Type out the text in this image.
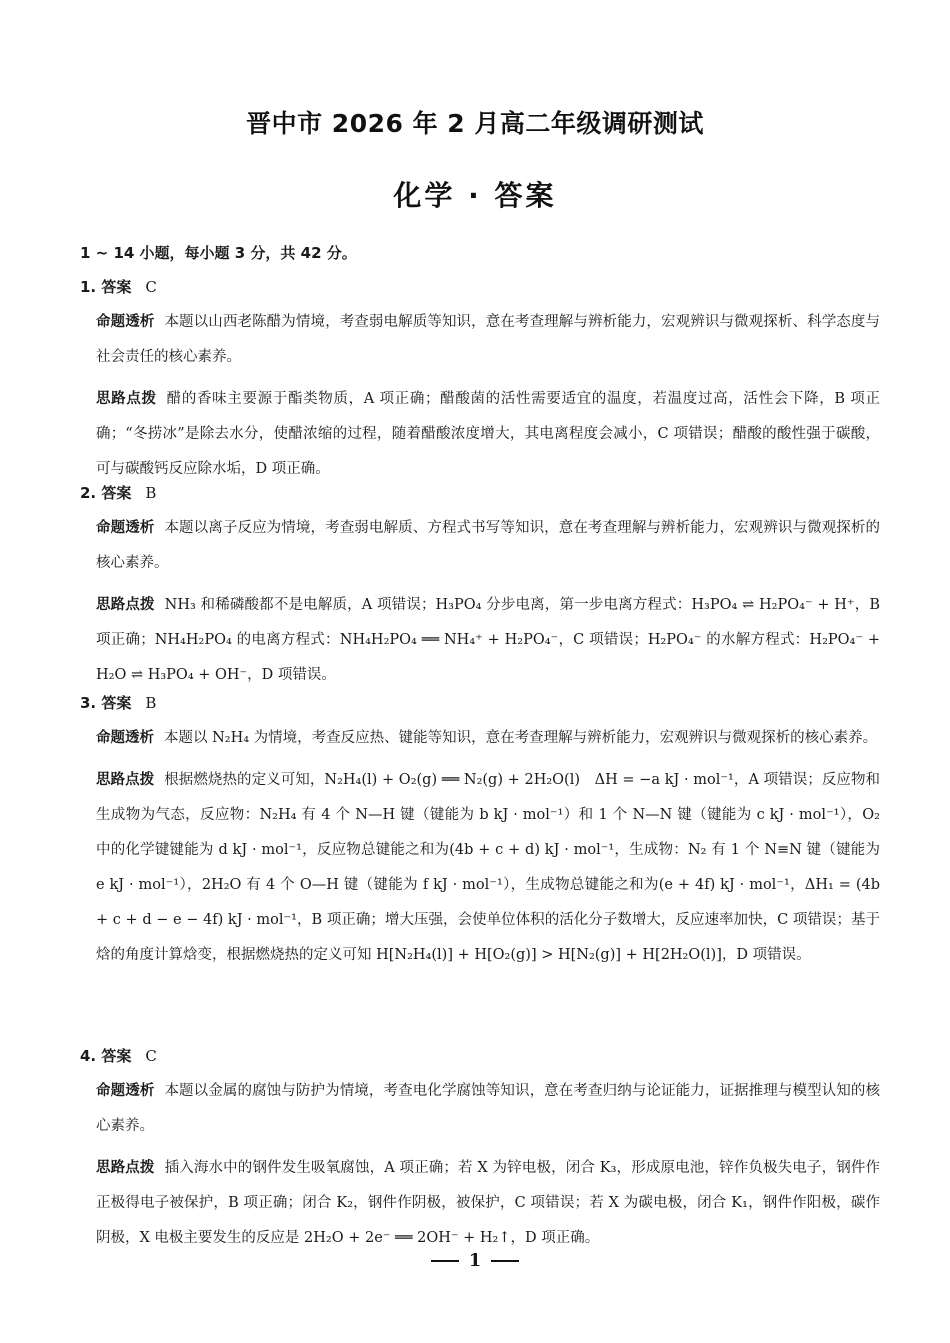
晋中市 2026 年 2 月高二年级调研测试
化学 · 答案
1 ~ 14 小题，每小题 3 分，共 42 分。
1. 答案 C
命题透析 本题以山西老陈醋为情境，考查弱电解质等知识，意在考查理解与辨析能力，宏观辨识与微观探析、科学态度与社会责任的核心素养。
思路点拨 醋的香味主要源于酯类物质，A 项正确；醋酸菌的活性需要适宜的温度，若温度过高，活性会下降，B 项正确；“冬捞冰”是除去水分，使醋浓缩的过程，随着醋酸浓度增大，其电离程度会减小，C 项错误；醋酸的酸性强于碳酸，可与碳酸钙反应除水垢，D 项正确。
2. 答案 B
命题透析 本题以离子反应为情境，考查弱电解质、方程式书写等知识，意在考查理解与辨析能力，宏观辨识与微观探析的核心素养。
思路点拨 NH₃ 和稀磷酸都不是电解质，A 项错误；H₃PO₄ 分步电离，第一步电离方程式：H₃PO₄ ⇌ H₂PO₄⁻ + H⁺，B 项正确；NH₄H₂PO₄ 的电离方程式：NH₄H₂PO₄ ══ NH₄⁺ + H₂PO₄⁻，C 项错误；H₂PO₄⁻ 的水解方程式：H₂PO₄⁻ + H₂O ⇌ H₃PO₄ + OH⁻，D 项错误。
3. 答案 B
命题透析 本题以 N₂H₄ 为情境，考查反应热、键能等知识，意在考查理解与辨析能力，宏观辨识与微观探析的核心素养。
思路点拨 根据燃烧热的定义可知，N₂H₄(l) + O₂(g) ══ N₂(g) + 2H₂O(l)　ΔH = −a kJ · mol⁻¹，A 项错误；反应物和生成物为气态，反应物：N₂H₄ 有 4 个 N—H 键（键能为 b kJ · mol⁻¹）和 1 个 N—N 键（键能为 c kJ · mol⁻¹），O₂ 中的化学键键能为 d kJ · mol⁻¹，反应物总键能之和为(4b + c + d) kJ · mol⁻¹，生成物：N₂ 有 1 个 N≡N 键（键能为 e kJ · mol⁻¹），2H₂O 有 4 个 O—H 键（键能为 f kJ · mol⁻¹），生成物总键能之和为(e + 4f) kJ · mol⁻¹，ΔH₁ = (4b + c + d − e − 4f) kJ · mol⁻¹，B 项正确；增大压强，会使单位体积的活化分子数增大，反应速率加快，C 项错误；基于焓的角度计算焓变，根据燃烧热的定义可知 H[N₂H₄(l)] + H[O₂(g)] > H[N₂(g)] + H[2H₂O(l)]，D 项错误。
4. 答案 C
命题透析 本题以金属的腐蚀与防护为情境，考查电化学腐蚀等知识，意在考查归纳与论证能力，证据推理与模型认知的核心素养。
思路点拨 插入海水中的钢件发生吸氧腐蚀，A 项正确；若 X 为锌电极，闭合 K₃，形成原电池，锌作负极失电子，钢件作正极得电子被保护，B 项正确；闭合 K₂，钢件作阴极，被保护，C 项错误；若 X 为碳电极，闭合 K₁，钢件作阳极，碳作阴极，X 电极主要发生的反应是 2H₂O + 2e⁻ ══ 2OH⁻ + H₂↑，D 项正确。
1
